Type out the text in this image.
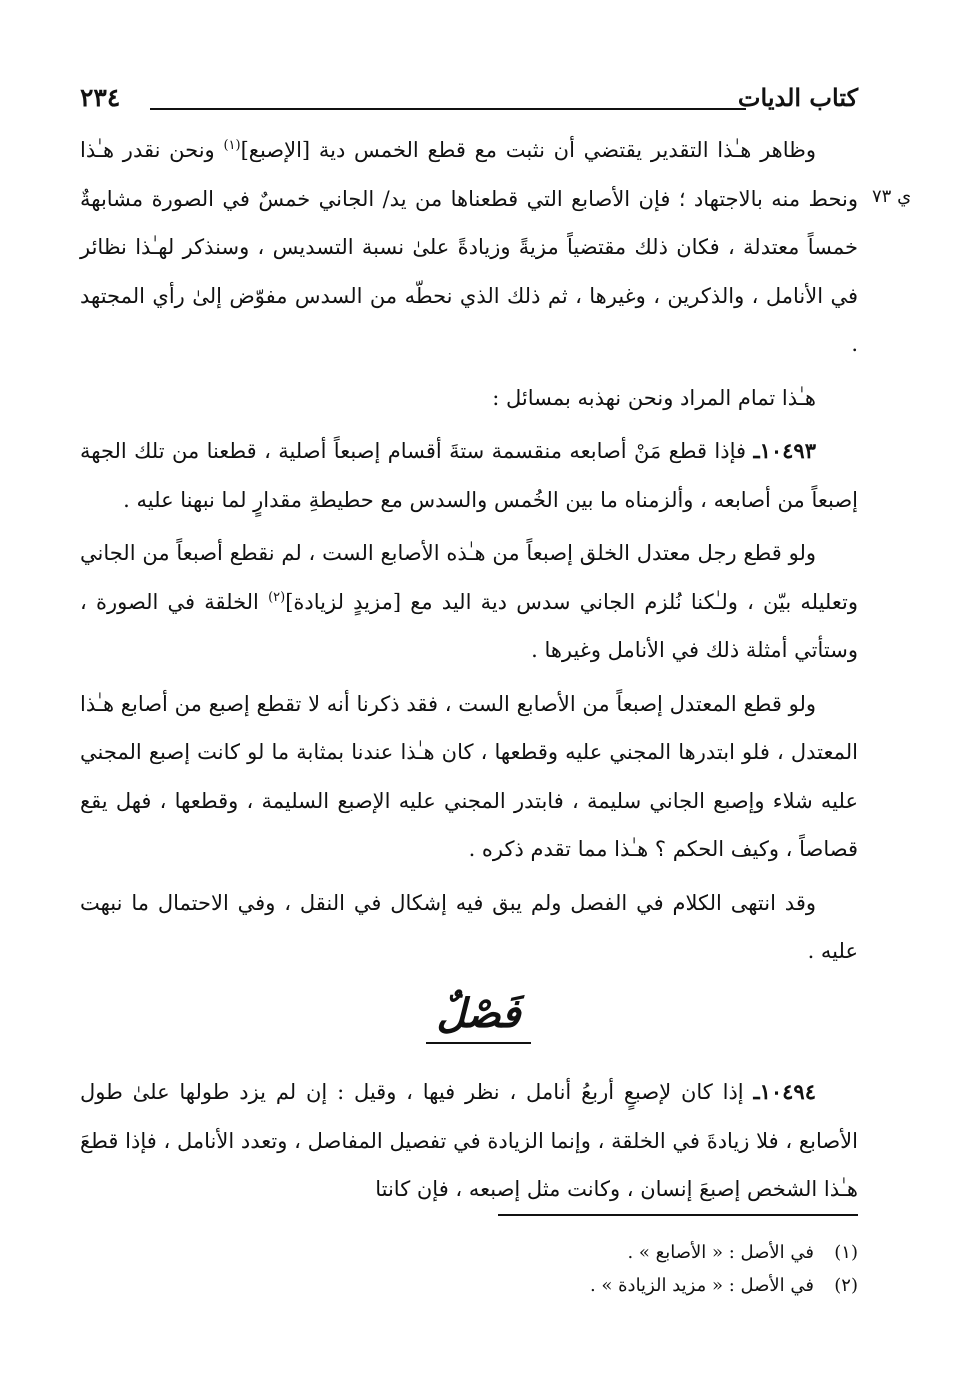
٢٣٤	كتاب الديات
ي ٧٣

وظاهر هـٰذا التقدير يقتضي أن نثبت مع قطع الخمس دية [الإصبع]$^{(١)}$ ونحن نقدر هـٰذا ونحط منه بالاجتهاد ؛ فإن الأصابع التي قطعناها من يد/ الجاني خمسٌ في الصورة مشابهةٌ خمساً معتدلة ، فكان ذلك مقتضياً مزيةً وزيادةً علىٰ نسبة التسديس ، وسنذكر لهـٰذا نظائر في الأنامل ، والذكرين ، وغيرها ، ثم ذلك الذي نحطّه من السدس مفوّض إلىٰ رأي المجتهد .

هـٰذا تمام المراد ونحن نهذبه بمسائل :

١٠٤٩٣ـ فإذا قطع مَنْ أصابعه منقسمة ستةَ أقسام إصبعاً أصلية ، قطعنا من تلك الجهة إصبعاً من أصابعه ، وألزمناه ما بين الخُمس والسدس مع حطيطةِ مقدارٍ لما نبهنا عليه .

ولو قطع رجل معتدل الخلق إصبعاً من هـٰذه الأصابع الست ، لم نقطع أصبعاً من الجاني وتعليله بيّن ، ولـٰكنا نُلزم الجاني سدس دية اليد مع [مزيدٍ لزيادة]$^{(٢)}$ الخلقة في الصورة ، وستأتي أمثلة ذلك في الأنامل وغيرها .

ولو قطع المعتدل إصبعاً من الأصابع الست ، فقد ذكرنا أنه لا تقطع إصبع من أصابع هـٰذا المعتدل ، فلو ابتدرها المجني عليه وقطعها ، كان هـٰذا عندنا بمثابة ما لو كانت إصبع المجني عليه شلاء وإصبع الجاني سليمة ، فابتدر المجني عليه الإصبع السليمة ، وقطعها ، فهل يقع قصاصاً ، وكيف الحكم ؟ هـٰذا مما تقدم ذكره .

وقد انتهى الكلام في الفصل ولم يبق فيه إشكال في النقل ، وفي الاحتمال ما نبهت عليه .

فَصْلٌ

١٠٤٩٤ـ إذا كان لإصبعٍ أربعُ أنامل ، نظر فيها ، وقيل : إن لم يزد طولها علىٰ طول الأصابع ، فلا زيادةَ في الخلقة ، وإنما الزيادة في تفصيل المفاصل ، وتعدد الأنامل ، فإذا قطعَ هـٰذا الشخص إصبعَ إنسان ، وكانت مثل إصبعه ، فإن كانتا

(١)في الأصل : « الأصابع » .
(٢)في الأصل : « مزيد الزيادة » .
